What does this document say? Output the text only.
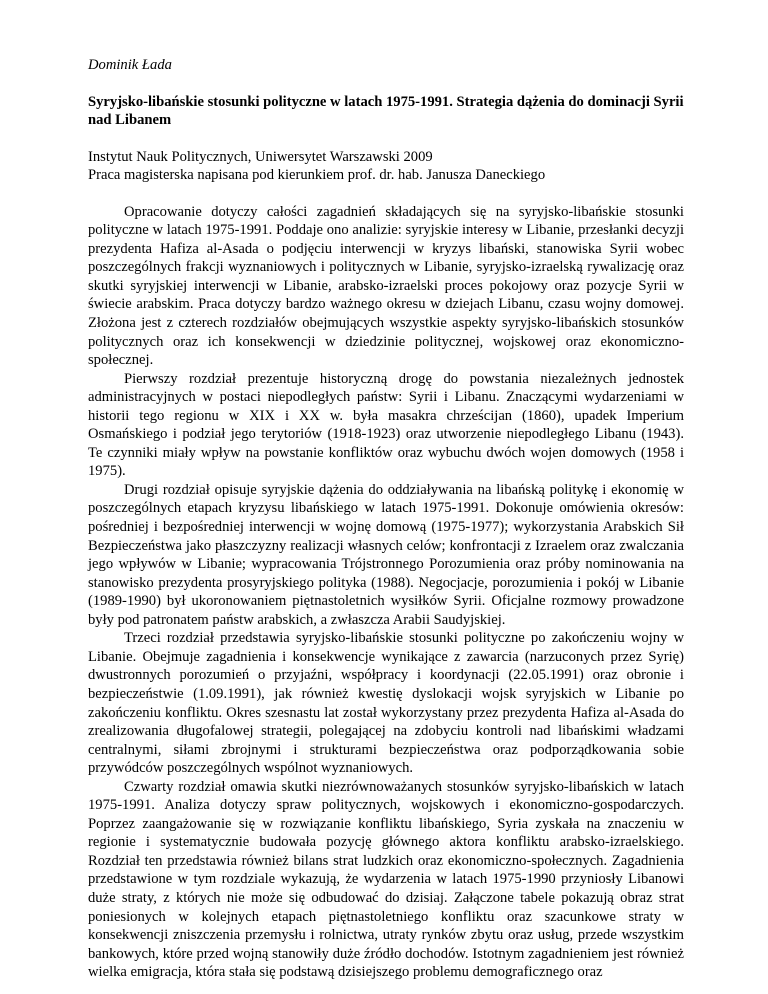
Dominik Łada

Syryjsko-libańskie stosunki polityczne w latach 1975-1991. Strategia dążenia do dominacji Syrii nad Libanem

Instytut Nauk Politycznych, Uniwersytet Warszawski 2009
Praca magisterska napisana pod kierunkiem prof. dr. hab. Janusza Daneckiego

Opracowanie dotyczy całości zagadnień składających się na syryjsko-libańskie stosunki polityczne w latach 1975-1991. Poddaje ono analizie: syryjskie interesy w Libanie, przesłanki decyzji prezydenta Hafiza al-Asada o podjęciu interwencji w kryzys libański, stanowiska Syrii wobec poszczególnych frakcji wyznaniowych i politycznych w Libanie, syryjsko-izraelską rywalizację oraz skutki syryjskiej interwencji w Libanie, arabsko-izraelski proces pokojowy oraz pozycje Syrii w świecie arabskim. Praca dotyczy bardzo ważnego okresu w dziejach Libanu, czasu wojny domowej. Złożona jest z czterech rozdziałów obejmujących wszystkie aspekty syryjsko-libańskich stosunków politycznych oraz ich konsekwencji w dziedzinie politycznej, wojskowej oraz ekonomiczno-społecznej.

Pierwszy rozdział prezentuje historyczną drogę do powstania niezależnych jednostek administracyjnych w postaci niepodległych państw: Syrii i Libanu. Znaczącymi wydarzeniami w historii tego regionu w XIX i XX w. była masakra chrześcijan (1860), upadek Imperium Osmańskiego i podział jego terytoriów (1918-1923) oraz utworzenie niepodległego Libanu (1943). Te czynniki miały wpływ na powstanie konfliktów oraz wybuchu dwóch wojen domowych (1958 i 1975).

Drugi rozdział opisuje syryjskie dążenia do oddziaływania na libańską politykę i ekonomię w poszczególnych etapach kryzysu libańskiego w latach 1975-1991. Dokonuje omówienia okresów: pośredniej i bezpośredniej interwencji w wojnę domową (1975-1977); wykorzystania Arabskich Sił Bezpieczeństwa jako płaszczyzny realizacji własnych celów; konfrontacji z Izraelem oraz zwalczania jego wpływów w Libanie; wypracowania Trójstronnego Porozumienia oraz próby nominowania na stanowisko prezydenta prosyryjskiego polityka (1988). Negocjacje, porozumienia i pokój w Libanie (1989-1990) był ukoronowaniem piętnastoletnich wysiłków Syrii. Oficjalne rozmowy prowadzone były pod patronatem państw arabskich, a zwłaszcza Arabii Saudyjskiej.

Trzeci rozdział przedstawia syryjsko-libańskie stosunki polityczne po zakończeniu wojny w Libanie. Obejmuje zagadnienia i konsekwencje wynikające z zawarcia (narzuconych przez Syrię) dwustronnych porozumień o przyjaźni, współpracy i koordynacji (22.05.1991) oraz obronie i bezpieczeństwie (1.09.1991), jak również kwestię dyslokacji wojsk syryjskich w Libanie po zakończeniu konfliktu. Okres szesnastu lat został wykorzystany przez prezydenta Hafiza al-Asada do zrealizowania długofalowej strategii, polegającej na zdobyciu kontroli nad libańskimi władzami centralnymi, siłami zbrojnymi i strukturami bezpieczeństwa oraz podporządkowania sobie przywódców poszczególnych wspólnot wyznaniowych.

Czwarty rozdział omawia skutki niezrównoważanych stosunków syryjsko-libańskich w latach 1975-1991. Analiza dotyczy spraw politycznych, wojskowych i ekonomiczno-gospodarczych. Poprzez zaangażowanie się w rozwiązanie konfliktu libańskiego, Syria zyskała na znaczeniu w regionie i systematycznie budowała pozycję głównego aktora konfliktu arabsko-izraelskiego. Rozdział ten przedstawia również bilans strat ludzkich oraz ekonomiczno-społecznych. Zagadnienia przedstawione w tym rozdziale wykazują, że wydarzenia w latach 1975-1990 przyniosły Libanowi duże straty, z których nie może się odbudować do dzisiaj. Załączone tabele pokazują obraz strat poniesionych w kolejnych etapach piętnastoletniego konfliktu oraz szacunkowe straty w konsekwencji zniszczenia przemysłu i rolnictwa, utraty rynków zbytu oraz usług, przede wszystkim bankowych, które przed wojną stanowiły duże źródło dochodów. Istotnym zagadnieniem jest również wielka emigracja, która stała się podstawą dzisiejszego problemu demograficznego oraz
